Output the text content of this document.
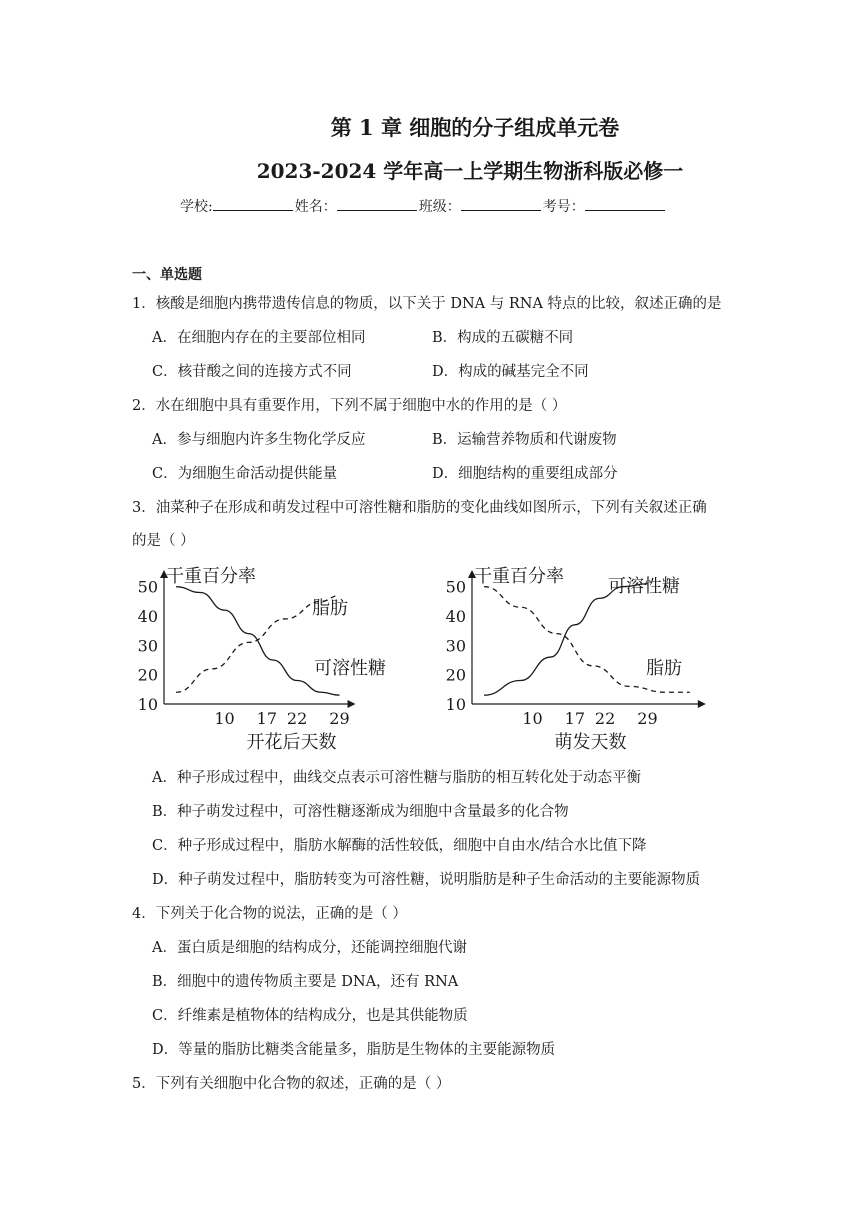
第 1 章 细胞的分子组成单元卷
2023-2024 学年高一上学期生物浙科版必修一
学校:	姓名：	班级：	考号：
一、单选题
1．核酸是细胞内携带遗传信息的物质，以下关于 DNA 与 RNA 特点的比较，叙述正确的是
A．在细胞内存在的主要部位相同	B．构成的五碳糖不同
C．核苷酸之间的连接方式不同	D．构成的碱基完全不同
2．水在细胞中具有重要作用，下列不属于细胞中水的作用的是（ ）
A．参与细胞内许多生物化学反应	B．运输营养物质和代谢废物
C．为细胞生命活动提供能量	D．细胞结构的重要组成部分
3．油菜种子在形成和萌发过程中可溶性糖和脂肪的变化曲线如图所示，下列有关叙述正确
的是（ ）
干重百分率
10
20
30
40
50
10 17 22 29
开花后天数
脂肪
可溶性糖
干重百分率
10
20
30
40
50
10 17 22 29
萌发天数
可溶性糖
脂肪
A．种子形成过程中，曲线交点表示可溶性糖与脂肪的相互转化处于动态平衡
B．种子萌发过程中，可溶性糖逐渐成为细胞中含量最多的化合物
C．种子形成过程中，脂肪水解酶的活性较低，细胞中自由水/结合水比值下降
D．种子萌发过程中，脂肪转变为可溶性糖，说明脂肪是种子生命活动的主要能源物质
4．下列关于化合物的说法，正确的是（ ）
A．蛋白质是细胞的结构成分，还能调控细胞代谢
B．细胞中的遗传物质主要是 DNA，还有 RNA
C．纤维素是植物体的结构成分，也是其供能物质
D．等量的脂肪比糖类含能量多，脂肪是生物体的主要能源物质
5．下列有关细胞中化合物的叙述，正确的是（ ）
